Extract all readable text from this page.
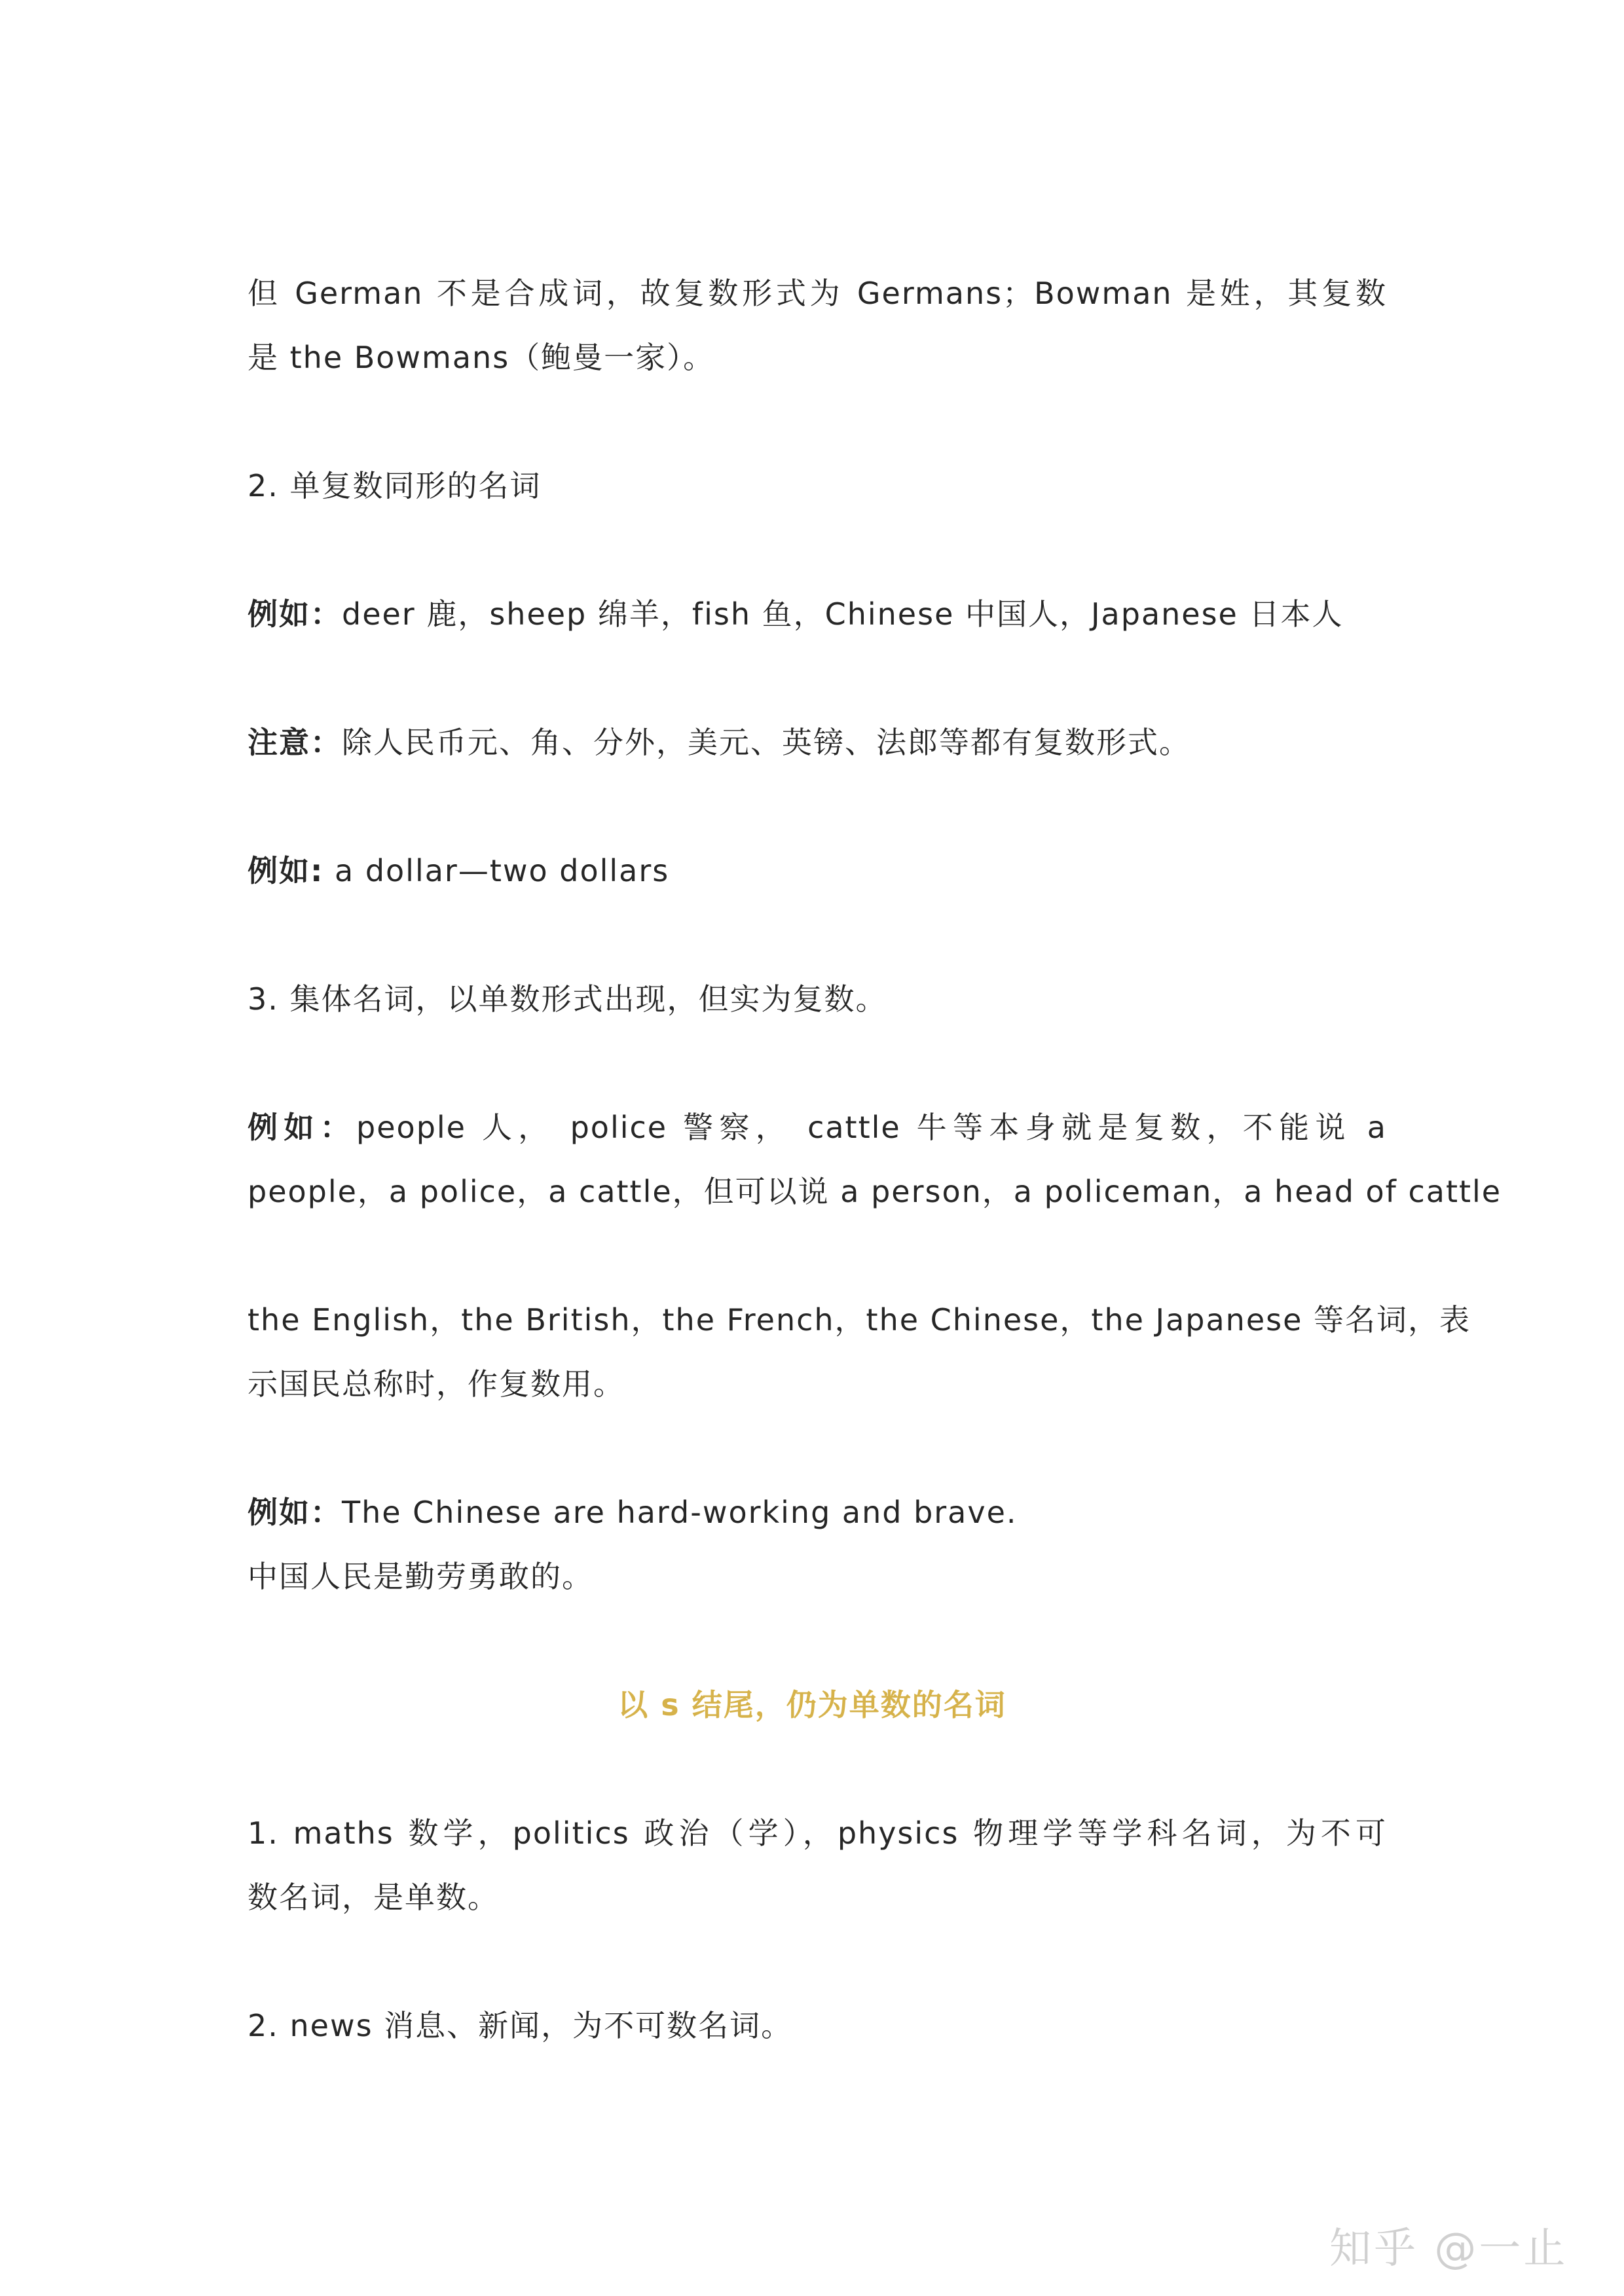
但 German 不是合成词，故复数形式为 Germans；Bowman 是姓，其复数
是 the Bowmans（鲍曼一家）。
2. 单复数同形的名词
例如：deer 鹿，sheep 绵羊，fish 鱼，Chinese 中国人，Japanese 日本人
注意：除人民币元、角、分外，美元、英镑、法郎等都有复数形式。
例如: a dollar—two dollars
3. 集体名词，以单数形式出现，但实为复数。
例如：people 人， police 警察， cattle 牛等本身就是复数，不能说 a
people，a police，a cattle，但可以说 a person，a policeman，a head of cattle
the English，the British，the French，the Chinese，the Japanese 等名词，表
示国民总称时，作复数用。
例如：The Chinese are hard-working and brave.
中国人民是勤劳勇敢的。
以 s 结尾，仍为单数的名词
1. maths 数学，politics 政治（学），physics 物理学等学科名词，为不可
数名词，是单数。
2. news 消息、新闻，为不可数名词。
知乎 @一止
